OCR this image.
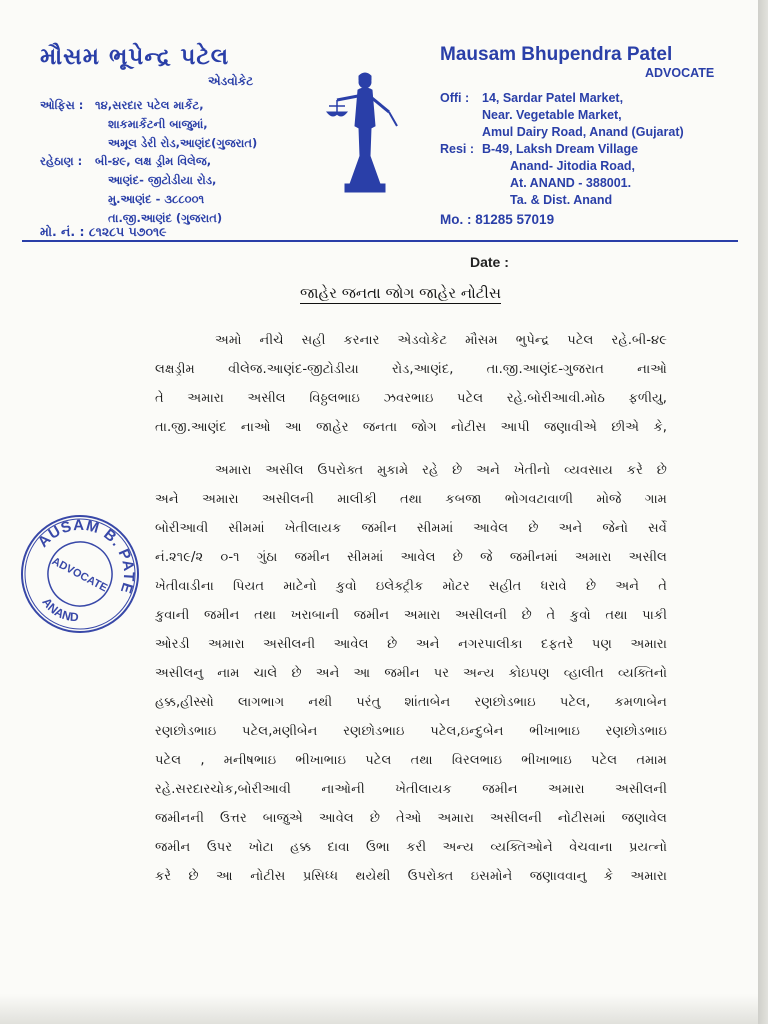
મૌસમ ભૂપેન્દ્ર પટેલ
એડવોકેટ
ઓફિસ : ૧૪,સરદાર પટેલ માર્કેટ,
શાકમાર્કેટની બાજુમાં,
અમૂલ ડેરી રોડ,આણંદ(ગુજરાત)
રહેઠાણ : બી-૪૯, લક્ષ ડ્રીમ વિલેજ,
આણંદ- જીટોડીયા રોડ,
મુ.આણંદ - ૩૮૮૦૦૧
તા.જી.આણંદ (ગુજરાત)
મો. નં. : ૮૧૨૮૫ ૫૭૦૧૯
Mausam Bhupendra Patel
ADVOCATE
Offi : 14, Sardar Patel Market,
Near. Vegetable Market,
Amul Dairy Road, Anand (Gujarat)
Resi : B-49, Laksh Dream Village
Anand- Jitodia Road,
At. ANAND - 388001.
Ta. & Dist. Anand
Mo. : 81285 57019
Date :
જાહેર જનતા જોગ જાહેર નોટીસ
અમો નીચે સહી કરનાર એડવોકેટ મૌસમ ભુપેન્દ્ર પટેલ રહે.બી-૪૯
લક્ષડ્રીમ વીલેજ.આણંદ-જીટોડીયા રોડ,આણંદ, તા.જી.આણંદ-ગુજરાત નાઓ
તે અમારા અસીલ વિઠ્ઠલભાઇ ઝવરભાઇ પટેલ રહે.બોરીઆવી.મોઠ ફળીયુ,
તા.જી.આણંદ નાઓ આ જાહેર જનતા જોગ નોટીસ આપી જણાવીએ છીએ કે,
અમારા અસીલ ઉપરોક્ત મુકામે રહે છે અને ખેતીનો વ્યવસાય કરે છે
અને અમારા અસીલની માલીકી તથા કબજા ભોગવટાવાળી મોજે ગામ
બોરીઆવી સીમમાં ખેતીલાયક જમીન સીમમાં આવેલ છે અને જેનો સર્વે
નં.૨૧૯/૨ ૦-૧ ગુંઠા જમીન સીમમાં આવેલ છે જે જમીનમાં અમારા અસીલ
ખેતીવાડીના પિયત માટેનો કુવો ઇલેક્ટ્રીક મોટર સહીત ધરાવે છે અને તે
કુવાની જમીન તથા ખરાબાની જમીન અમારા અસીલની છે તે કુવો તથા પાકી
ઓરડી અમારા અસીલની આવેલ છે અને નગરપાલીકા દફતરે પણ અમારા
અસીલનુ નામ ચાલે છે અને આ જમીન પર અન્ય કોઇપણ વ્હાલીત વ્યક્તિનો
હક્ક,હીસ્સો લાગભાગ નથી પરંતુ શાંતાબેન રણછોડભાઇ પટેલ, કમળાબેન
રણછોડભાઇ પટેલ,મણીબેન રણછોડભાઇ પટેલ,ઇન્દુબેન ભીખાભાઇ રણછોડભાઇ
પટેલ , મનીષભાઇ ભીખાભાઇ પટેલ તથા વિરલભાઇ ભીખાભાઇ પટેલ તમામ
રહે.સરદારચોક,બોરીઆવી નાઓની ખેતીલાયક જમીન અમારા અસીલની
જમીનની ઉત્તર બાજુએ આવેલ છે તેઓ અમારા અસીલની નોટીસમાં જણાવેલ
જમીન ઉપર ખોટા હક્ક દાવા ઉભા કરી અન્ય વ્યક્તિઓને વેચવાના પ્રયત્નો
કરે છે આ નોટીસ પ્રસિધ્ધ થયેથી ઉપરોક્ત ઇસમોને જણાવવાનુ કે અમારા
MAUSAM B. PATEL
ANAND
ADVOCATE
